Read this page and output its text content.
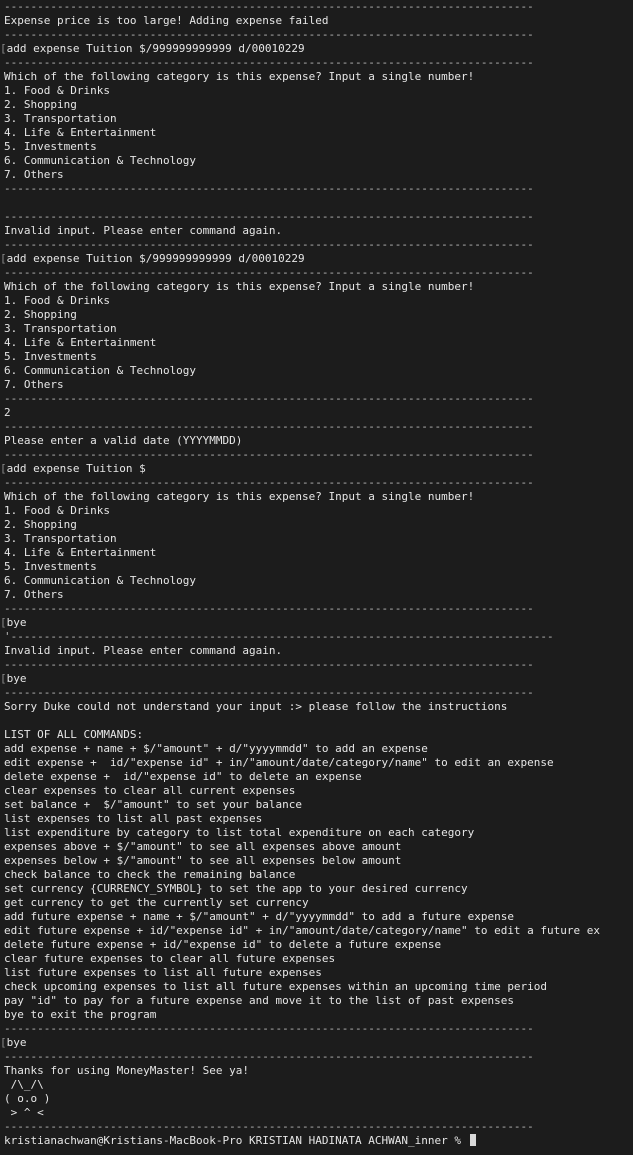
--------------------------------------------------------------------------------
Expense price is too large! Adding expense failed
--------------------------------------------------------------------------------
[add expense Tuition $/999999999999 d/00010229
--------------------------------------------------------------------------------
Which of the following category is this expense? Input a single number!
1. Food & Drinks
2. Shopping
3. Transportation
4. Life & Entertainment
5. Investments
6. Communication & Technology
7. Others
--------------------------------------------------------------------------------

--------------------------------------------------------------------------------
Invalid input. Please enter command again.
--------------------------------------------------------------------------------
[add expense Tuition $/999999999999 d/00010229
--------------------------------------------------------------------------------
Which of the following category is this expense? Input a single number!
1. Food & Drinks
2. Shopping
3. Transportation
4. Life & Entertainment
5. Investments
6. Communication & Technology
7. Others
--------------------------------------------------------------------------------
2
--------------------------------------------------------------------------------
Please enter a valid date (YYYYMMDD)
--------------------------------------------------------------------------------
[add expense Tuition $
--------------------------------------------------------------------------------
Which of the following category is this expense? Input a single number!
1. Food & Drinks
2. Shopping
3. Transportation
4. Life & Entertainment
5. Investments
6. Communication & Technology
7. Others
--------------------------------------------------------------------------------
[bye
'----------------------------------------------------------------------------------
Invalid input. Please enter command again.
--------------------------------------------------------------------------------
[bye
--------------------------------------------------------------------------------
Sorry Duke could not understand your input :> please follow the instructions

LIST OF ALL COMMANDS:
add expense + name + $/"amount" + d/"yyyymmdd" to add an expense
edit expense +  id/"expense id" + in/"amount/date/category/name" to edit an expense
delete expense +  id/"expense id" to delete an expense
clear expenses to clear all current expenses
set balance +  $/"amount" to set your balance
list expenses to list all past expenses
list expenditure by category to list total expenditure on each category
expenses above + $/"amount" to see all expenses above amount
expenses below + $/"amount" to see all expenses below amount
check balance to check the remaining balance
set currency {CURRENCY_SYMBOL} to set the app to your desired currency
get currency to get the currently set currency
add future expense + name + $/"amount" + d/"yyyymmdd" to add a future expense
edit future expense + id/"expense id" + in/"amount/date/category/name" to edit a future ex
delete future expense + id/"expense id" to delete a future expense
clear future expenses to clear all future expenses
list future expenses to list all future expenses
check upcoming expenses to list all future expenses within an upcoming time period
pay "id" to pay for a future expense and move it to the list of past expenses
bye to exit the program
--------------------------------------------------------------------------------
[bye
--------------------------------------------------------------------------------
Thanks for using MoneyMaster! See ya!
/\_/\
( o.o )
> ^ <
--------------------------------------------------------------------------------
kristianachwan@Kristians-MacBook-Pro KRISTIAN HADINATA ACHWAN_inner %
